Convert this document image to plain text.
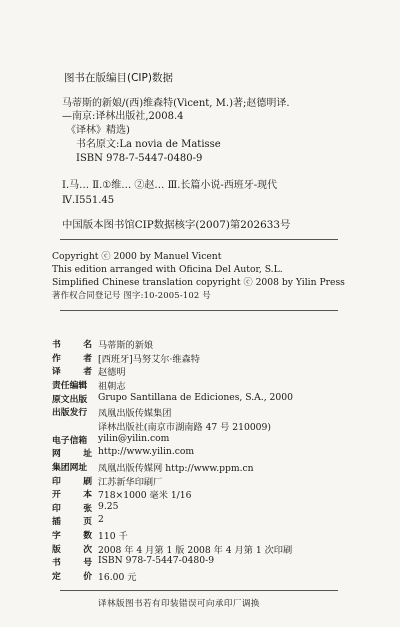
图书在版编目(CIP)数据
马蒂斯的新娘/(西)维森特(Vicent, M.)著;赵德明译.
—南京:译林出版社,2008.4
《译林》精选)
书名原文:La novia de Matisse
ISBN 978-7-5447-0480-9
Ⅰ.马… Ⅱ.①维… ②赵… Ⅲ.长篇小说-西班牙-现代
Ⅳ.I551.45
中国版本图书馆CIP数据核字(2007)第202633号
Copyright ⓒ 2000 by Manuel Vicent
This edition arranged with Oficina Del Autor, S.L.
Simplified Chinese translation copyright ⓒ 2008 by Yilin Press
著作权合同登记号 图字:10-2005-102 号
书	名 马蒂斯的新娘
作	者 [西班牙]马努艾尔·维森特
译	者 赵德明
责任编辑	祖朝志
原文出版	Grupo Santillana de Ediciones, S.A., 2000
出版发行	凤凰出版传媒集团
译林出版社(南京市湖南路 47 号 210009)
电子信箱	yilin@yilin.com
网	址 http://www.yilin.com
集团网址	凤凰出版传媒网 http://www.ppm.cn
印	刷 江苏新华印刷厂
开	本 718×1000 毫米 1/16
印	张 9.25
插	页 2
字	数 110 千
版	次 2008 年 4 月第 1 版 2008 年 4 月第 1 次印刷
书	号 ISBN 978-7-5447-0480-9
定	价 16.00 元
译林版图书若有印装错误可向承印厂调换
